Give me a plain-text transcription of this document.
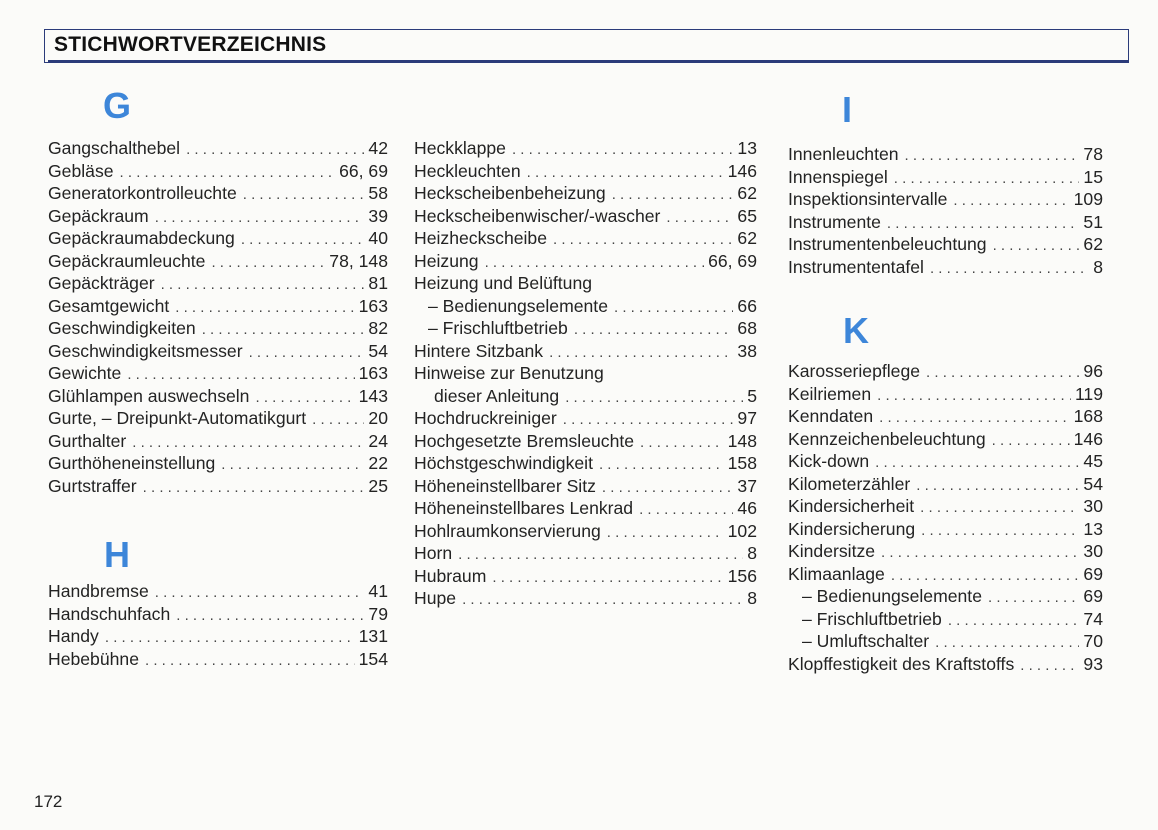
STICHWORTVERZEICHNIS
G
Gangschalthebel . . .	42
Gebläse . . .	66, 69
Generatorkontrolleuchte . . .	58
Gepäckraum . . .	39
Gepäckraumabdeckung . . .	40
Gepäckraumleuchte . . .	78, 148
Gepäckträger . . .	81
Gesamtgewicht . . .	163
Geschwindigkeiten . . .	82
Geschwindigkeitsmesser . . .	54
Gewichte . . .	163
Glühlampen auswechseln . . .	143
Gurte, – Dreipunkt-Automatikgurt . . .	20
Gurthalter . . .	24
Gurthöheneinstellung . . .	22
Gurtstraffer . . .	25
H
Handbremse . . .	41
Handschuhfach . . .	79
Handy . . .	131
Hebebühne . . .	154
Heckklappe . . .	13
Heckleuchten . . .	146
Heckscheibenbeheizung . . .	62
Heckscheibenwischer/-wascher . . .	65
Heizheckscheibe . . .	62
Heizung . . .	66, 69
Heizung und Belüftung
– Bedienungselemente . . .	66
– Frischluftbetrieb . . .	68
Hintere Sitzbank . . .	38
Hinweise zur Benutzung
dieser Anleitung . . .	5
Hochdruckreiniger . . .	97
Hochgesetzte Bremsleuchte . . .	148
Höchstgeschwindigkeit . . .	158
Höheneinstellbarer Sitz . . .	37
Höheneinstellbares Lenkrad . . .	46
Hohlraumkonservierung . . .	102
Horn . . .	8
Hubraum . . .	156
Hupe . . .	8
I
Innenleuchten . . .	78
Innenspiegel . . .	15
Inspektionsintervalle . . .	109
Instrumente . . .	51
Instrumentenbeleuchtung . . .	62
Instrumententafel . . .	8
K
Karosseriepflege . . .	96
Keilriemen . . .	119
Kenndaten . . .	168
Kennzeichenbeleuchtung . . .	146
Kick-down . . .	45
Kilometerzähler . . .	54
Kindersicherheit . . .	30
Kindersicherung . . .	13
Kindersitze . . .	30
Klimaanlage . . .	69
– Bedienungselemente . . .	69
– Frischluftbetrieb . . .	74
– Umluftschalter . . .	70
Klopffestigkeit des Kraftstoffs . . .	93
172
